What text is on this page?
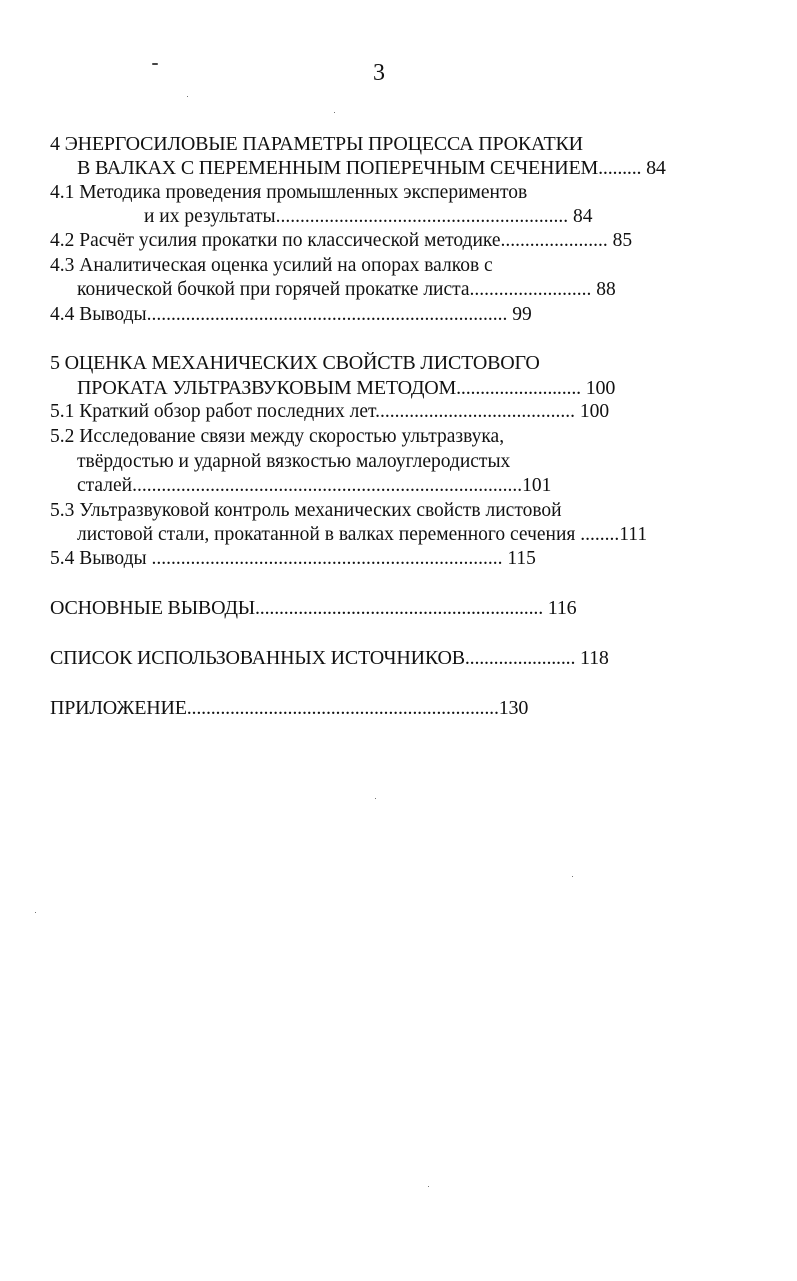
3
4 ЭНЕРГОСИЛОВЫЕ ПАРАМЕТРЫ ПРОЦЕССА ПРОКАТКИ
В ВАЛКАХ С ПЕРЕМЕННЫМ ПОПЕРЕЧНЫМ СЕЧЕНИЕМ......... 84
4.1 Методика проведения промышленных экспериментов
и их результаты............................................................ 84
4.2 Расчёт усилия прокатки по классической методике...................... 85
4.3 Аналитическая оценка усилий на опорах валков с
конической бочкой при горячей прокатке листа......................... 88
4.4 Выводы.......................................................................... 99
5 ОЦЕНКА МЕХАНИЧЕСКИХ СВОЙСТВ ЛИСТОВОГО
ПРОКАТА УЛЬТРАЗВУКОВЫМ МЕТОДОМ.......................... 100
5.1 Краткий обзор работ последних лет......................................... 100
5.2 Исследование связи между скоростью ультразвука,
твёрдостью и ударной вязкостью малоуглеродистых
сталей................................................................................101
5.3 Ультразвуковой контроль механических свойств листовой
листовой стали, прокатанной в валках переменного сечения ........111
5.4 Выводы ........................................................................ 115
ОСНОВНЫЕ ВЫВОДЫ............................................................ 116
СПИСОК ИСПОЛЬЗОВАННЫХ ИСТОЧНИКОВ....................... 118
ПРИЛОЖЕНИЕ.................................................................130
